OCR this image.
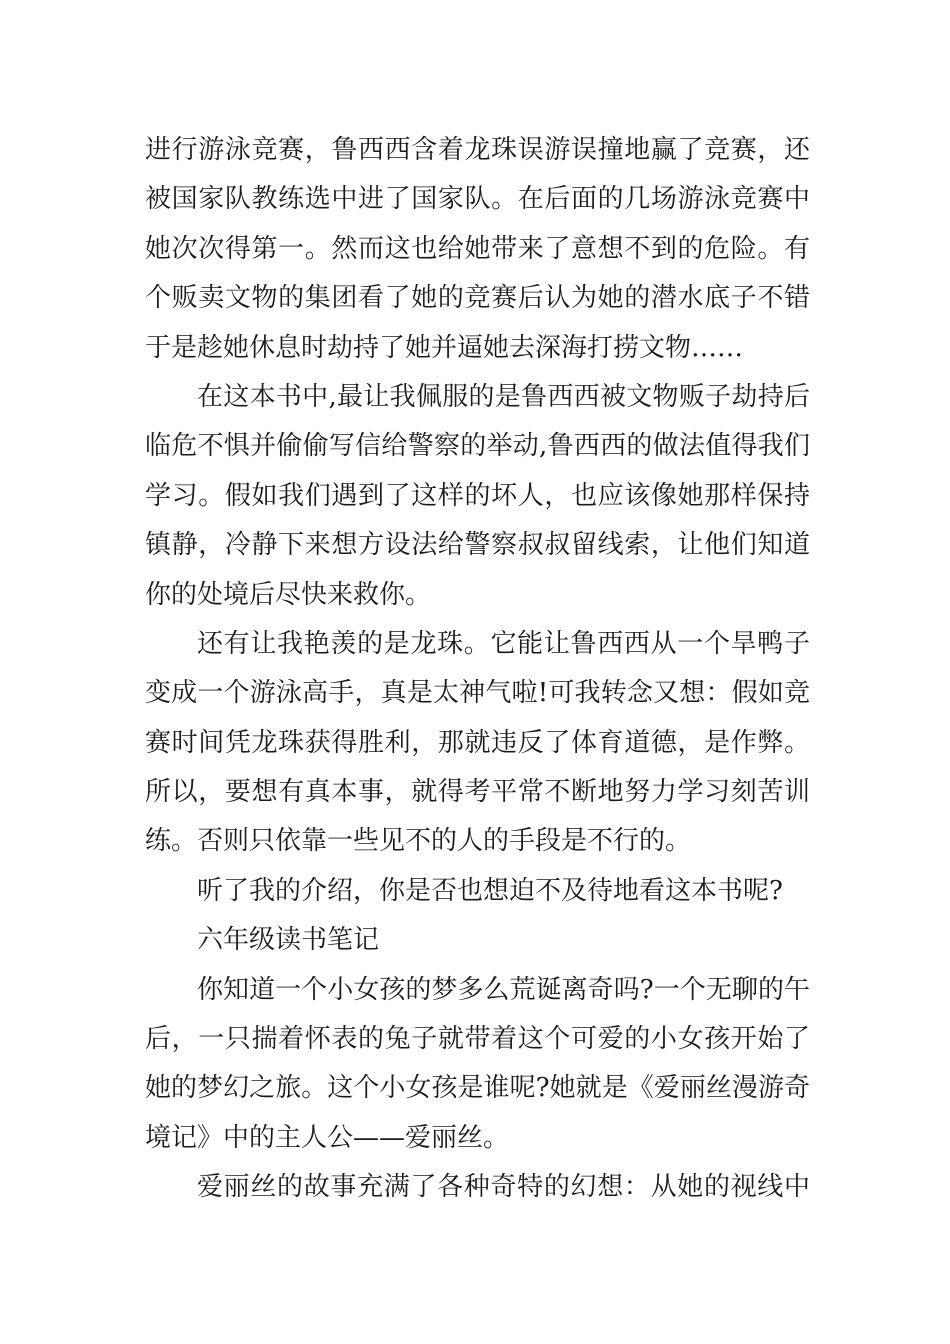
进行游泳竞赛，鲁西西含着龙珠误游误撞地赢了竞赛，还
被国家队教练选中进了国家队。在后面的几场游泳竞赛中
她次次得第一。然而这也给她带来了意想不到的危险。有
个贩卖文物的集团看了她的竞赛后认为她的潜水底子不错
于是趁她休息时劫持了她并逼她去深海打捞文物……
在这本书中,最让我佩服的是鲁西西被文物贩子劫持后
临危不惧并偷偷写信给警察的举动,鲁西西的做法值得我们
学习。假如我们遇到了这样的坏人，也应该像她那样保持
镇静，冷静下来想方设法给警察叔叔留线索，让他们知道
你的处境后尽快来救你。
还有让我艳羡的是龙珠。它能让鲁西西从一个旱鸭子
变成一个游泳高手，真是太神气啦!可我转念又想：假如竞
赛时间凭龙珠获得胜利，那就违反了体育道德，是作弊。
所以，要想有真本事，就得考平常不断地努力学习刻苦训
练。否则只依靠一些见不的人的手段是不行的。
听了我的介绍，你是否也想迫不及待地看这本书呢?
六年级读书笔记
你知道一个小女孩的梦多么荒诞离奇吗?一个无聊的午
后，一只揣着怀表的兔子就带着这个可爱的小女孩开始了
她的梦幻之旅。这个小女孩是谁呢?她就是《爱丽丝漫游奇
境记》中的主人公——爱丽丝。
爱丽丝的故事充满了各种奇特的幻想：从她的视线中
